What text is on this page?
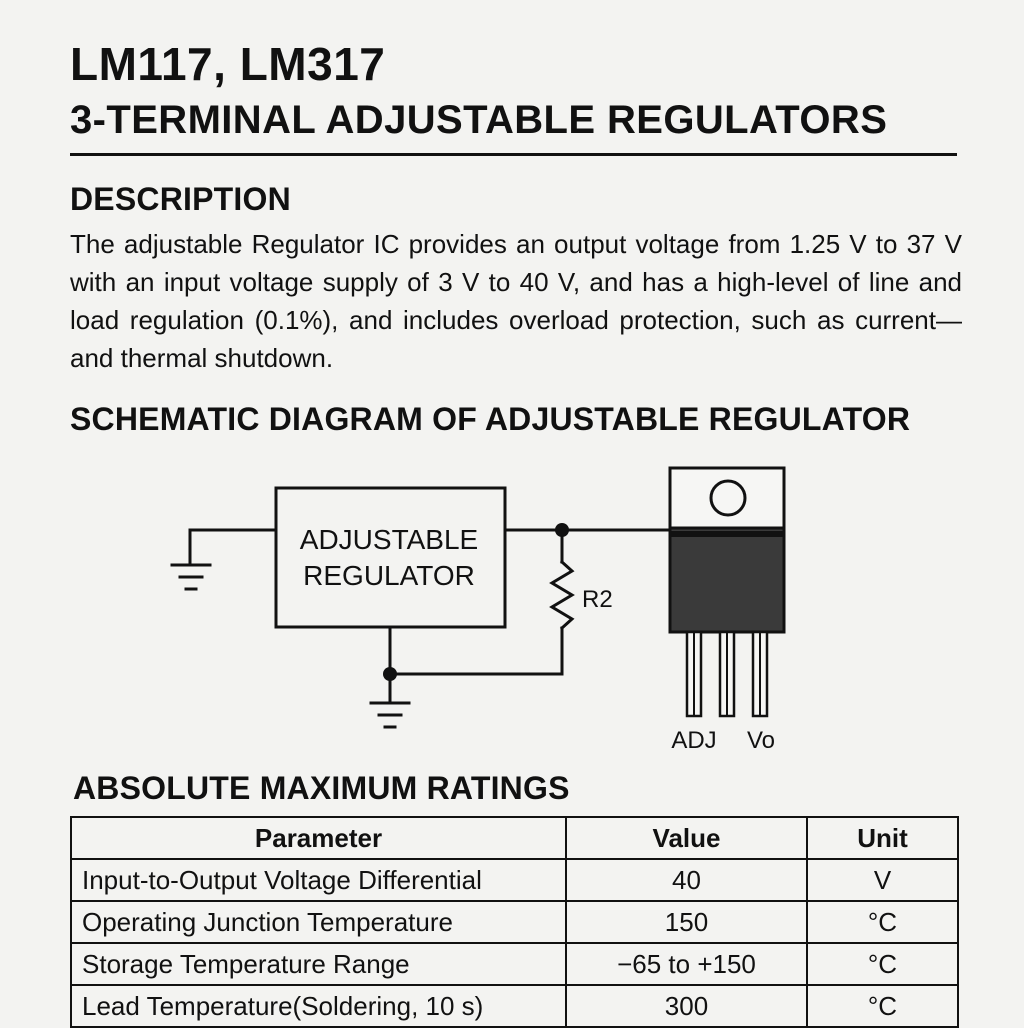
LM117, LM317
3-TERMINAL ADJUSTABLE REGULATORS
DESCRIPTION
The adjustable Regulator IC provides an output voltage from 1.25 V to 37 V with an input voltage supply of 3 V to 40 V, and has a high-level of line and load regulation (0.1%), and includes overload protection, such as current— and thermal shutdown.
SCHEMATIC DIAGRAM OF ADJUSTABLE REGULATOR
ADJUSTABLE
REGULATOR
R2
ADJ Vo
ABSOLUTE MAXIMUM RATINGS
Parameter	Value	Unit
Input-to-Output Voltage Differential	40	V
Operating Junction Temperature	150	°C
Storage Temperature Range	−65 to +150	°C
Lead Temperature(Soldering, 10 s)	300	°C
